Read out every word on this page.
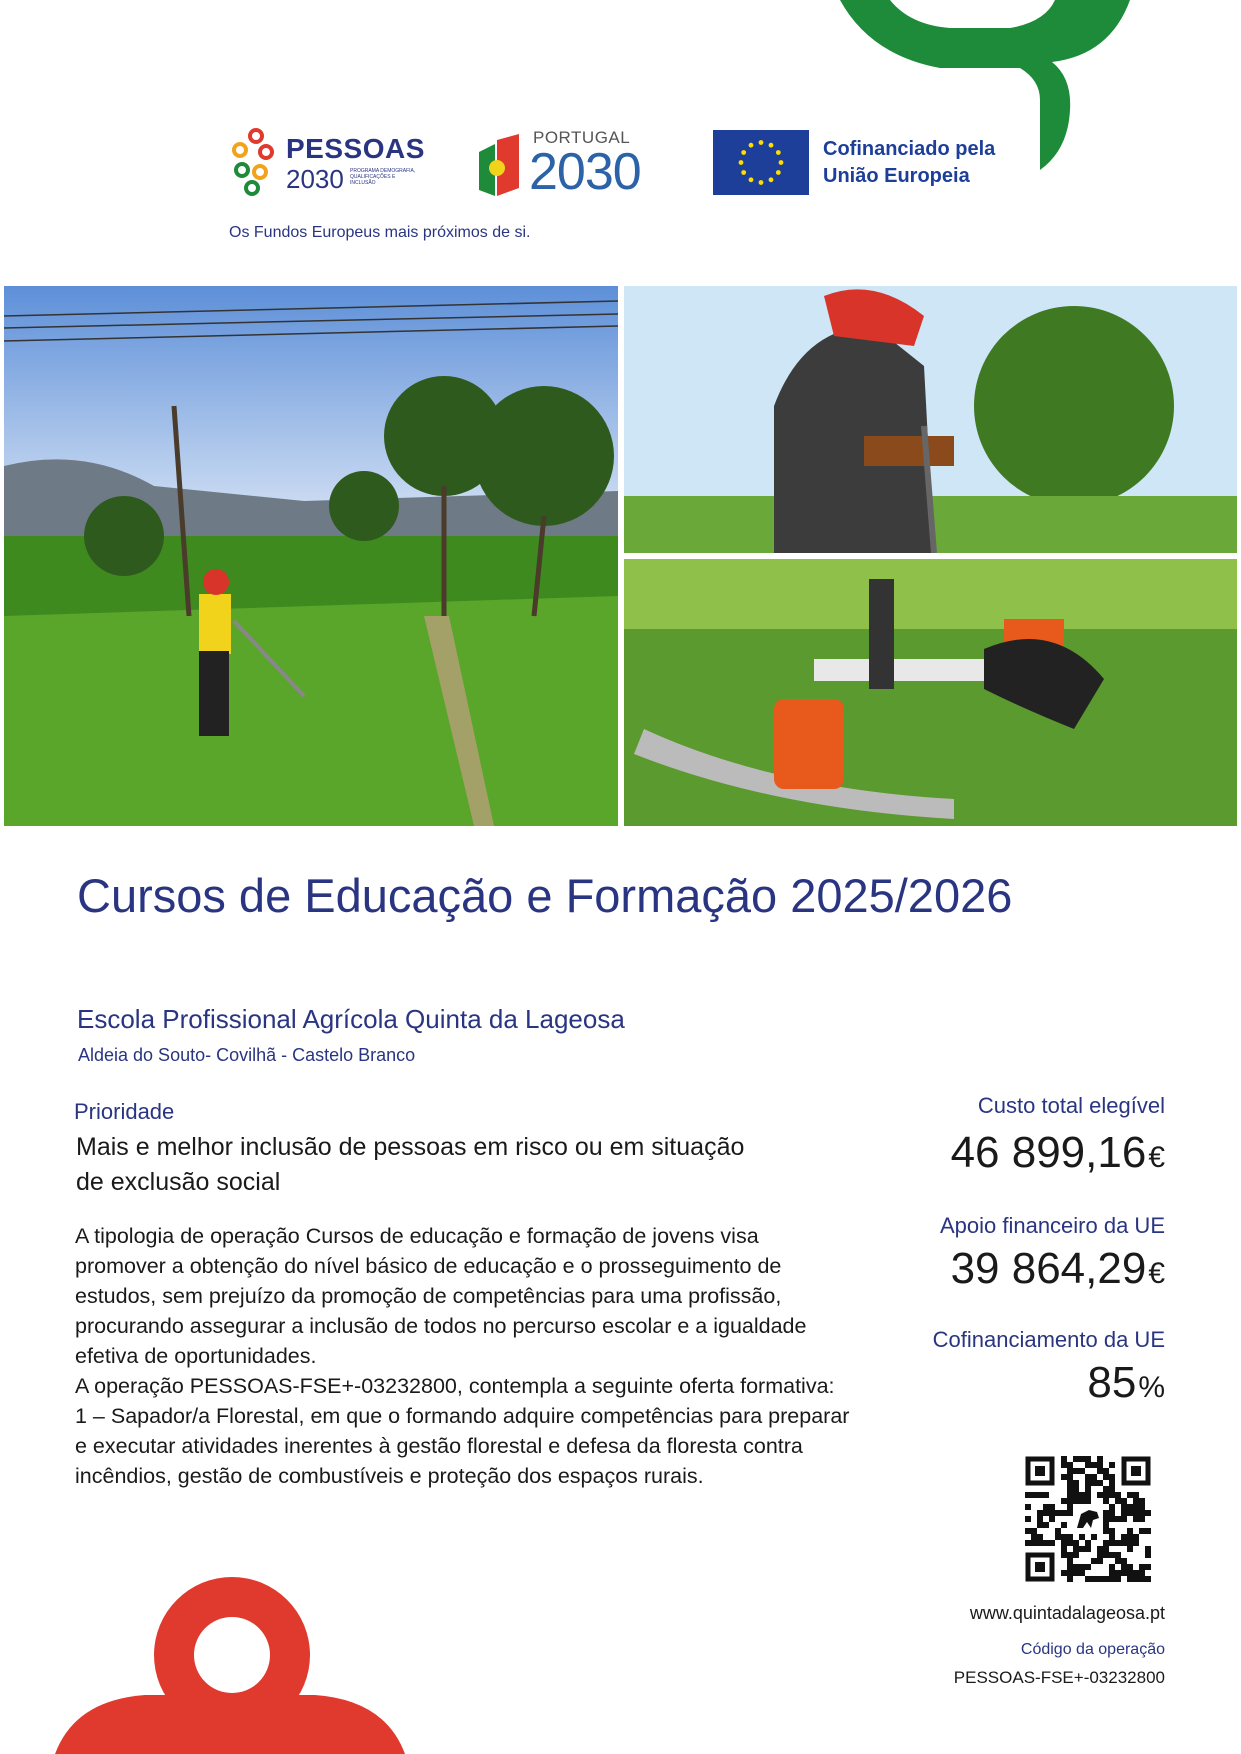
PESSOAS
2030 PROGRAMA DEMOGRAFIA, QUALIFICAÇÕES E INCLUSÃO
Os Fundos Europeus mais próximos de si.
PORTUGAL
2030	Cofinanciado pela
União Europeia
Cursos de Educação e Formação 2025/2026
Escola Profissional Agrícola Quinta da Lageosa
Aldeia do Souto- Covilhã - Castelo Branco
Prioridade
Mais e melhor inclusão de pessoas em risco ou em situação
de exclusão social

A tipologia de operação Cursos de educação e formação de jovens visa promover a obtenção do nível básico de educação e o prosseguimento de estudos, sem prejuízo da promoção de competências para uma profissão, procurando assegurar a inclusão de todos no percurso escolar e a igualdade efetiva de oportunidades.

A operação PESSOAS-FSE+-03232800, contempla a seguinte oferta formativa:

1 – Sapador/a Florestal, em que o formando adquire competências para preparar e executar atividades inerentes à gestão florestal e defesa da floresta contra incêndios, gestão de combustíveis e proteção dos espaços rurais.

Custo total elegível
46 899,16€
Apoio financeiro da UE
39 864,29€
Cofinanciamento da UE
85%
www.quintadalageosa.pt
Código da operação
PESSOAS-FSE+-03232800
